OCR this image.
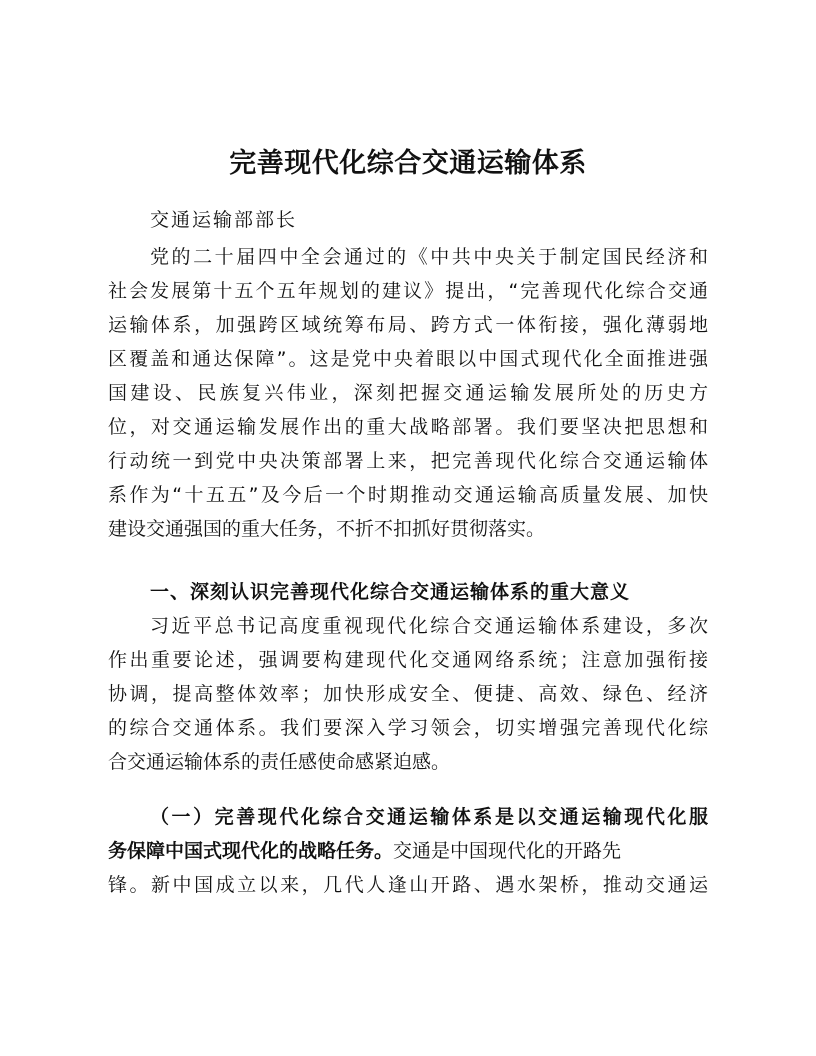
完善现代化综合交通运输体系
交通运输部部长
党的二十届四中全会通过的《中共中央关于制定国民经济和
社会发展第十五个五年规划的建议》提出，“完善现代化综合交通
运输体系，加强跨区域统筹布局、跨方式一体衔接，强化薄弱地
区覆盖和通达保障”。这是党中央着眼以中国式现代化全面推进强
国建设、民族复兴伟业，深刻把握交通运输发展所处的历史方
位，对交通运输发展作出的重大战略部署。我们要坚决把思想和
行动统一到党中央决策部署上来，把完善现代化综合交通运输体
系作为“十五五”及今后一个时期推动交通运输高质量发展、加快
建设交通强国的重大任务，不折不扣抓好贯彻落实。
一、深刻认识完善现代化综合交通运输体系的重大意义
习近平总书记高度重视现代化综合交通运输体系建设，多次
作出重要论述，强调要构建现代化交通网络系统；注意加强衔接
协调，提高整体效率；加快形成安全、便捷、高效、绿色、经济
的综合交通体系。我们要深入学习领会，切实增强完善现代化综
合交通运输体系的责任感使命感紧迫感。
（一）完善现代化综合交通运输体系是以交通运输现代化服
务保障中国式现代化的战略任务。交通是中国现代化的开路先
锋。新中国成立以来，几代人逢山开路、遇水架桥，推动交通运
